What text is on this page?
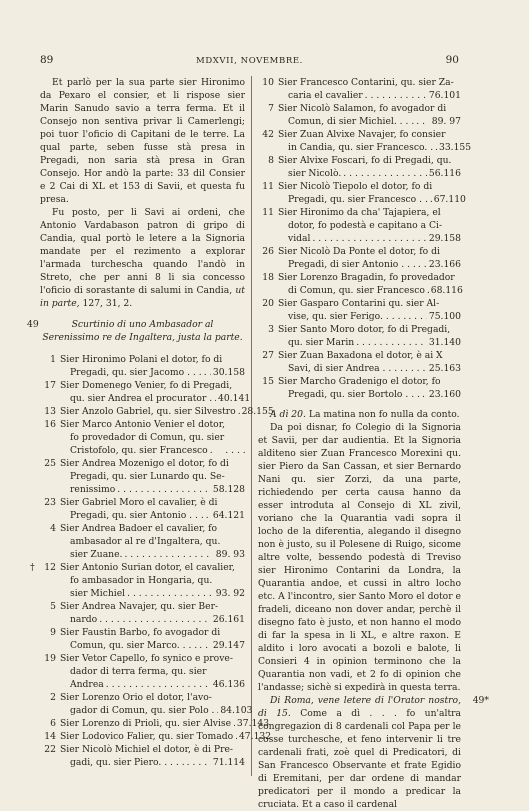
89	MDXVII, NOVEMBRE.	90

Et parlò per la sua parte sier Hironimo da Pexaro el consier, et li rispose sier Marin Sanudo savio a terra ferma. Et il Consejo non sentiva privar li Camerlengi; poi tuor l'oficio di Capitani de le terre. La qual parte, seben fusse stà presa in Pregadi, non saria stà presa in Gran Consejo. Hor andò la parte: 33 dil Consier e 2 Cai di XL et 153 di Savii, et questa fu presa.

Fu posto, per li Savi ai ordeni, che Antonio Vardabason patron di gripo di Candia, qual portò le letere a la Signoria mandate per el rezimento a explorar l'armada turchescha quando l'andò in Streto, che per anni 8 li sia concesso l'oficio di sorastante di salumi in Candia, ut in parte, 127, 31, 2.

49	Scurtinio di uno Ambasador al Serenissimo re de Ingaltera, justa la parte.
1 Sier Hironimo Polani el dotor, fo di
Pregadi, qu. sier Jacomo . . . . . . 30.158
17 Sier Domenego Venier, fo di Pregadi,
qu. sier Andrea el procurator . . . . 40.141
13 Sier Anzolo Gabriel, qu. sier Silvestro . . . 28.155
16 Sier Marco Antonio Venier el dotor,
fo provedador di Comun, qu. sier
Cristofolo, qu. sier Francesco . . .	. . . .
25 Sier Andrea Mozenigo el dotor, fo di
Pregadi, qu. sier Lunardo qu. Se-
renissimo . . .	58.128
23 Sier Gabriel Moro el cavalier, è di
Pregadi, qu. sier Antonio . . . . . . 64.121
4 Sier Andrea Badoer el cavalier, fo
ambasador al re d'Ingaltera, qu.
sier Zuane. . . .	89. 93
†	12 Sier Antonio Surian dotor, el cavalier,
fo ambasador in Hongaria, qu.
sier Michiel . . .	93. 92
5 Sier Andrea Navajer, qu. sier Ber-
nardo . . .	26.161
9 Sier Faustin Barbo, fo avogador di
Comun, qu. sier Marco. . . . . . . 29.147
19 Sier Vetor Capello, fo synico e prove-
dador di terra ferma, qu. sier
Andrea . . .	46.136
2 Sier Lorenzo Orio el dotor, l'avo-
gador di Comun, qu. sier Polo . . . . 84.103
6 Sier Lorenzo di Prioli, qu. sier Alvise . . . 37.143
14 Sier Lodovico Falier, qu. sier Tomado . . . 47.132
22 Sier Nicolò Michiel el dotor, è di Pre-
gadi, qu. sier Piero. . . . . . . .	71.114
10 Sier Francesco Contarini, qu. sier Za-
caria el cavalier . . .	76.101
7 Sier Nicolò Salamon, fo avogador di
Comun, di sier Michiel. . . . . . .	89. 97
42 Sier Zuan Alvixe Navajer, fo consier
in Candia, qu. sier Francesco. . . . . 33.155
8 Sier Alvixe Foscari, fo di Pregadi, qu.
sier Nicolò. . . .	56.116
11 Sier Nicolò Tiepolo el dotor, fo di
Pregadi, qu. sier Francesco . . . . . 67.110
11 Sier Hironimo da cha' Tajapiera, el
dotor, fo podestà e capitano a Ci-
vidal . . .	29.158
26 Sier Nicolò Da Ponte el dotor, fo di
Pregadi, di sier Antonio . . . . . . 23.166
18 Sier Lorenzo Bragadin, fo provedador
di Comun, qu. sier Francesco . . . 68.116
20 Sier Gasparo Contarini qu. sier Al-
vise, qu. sier Ferigo. . . . . . . . 75.100
3 Sier Santo Moro dotor, fo di Pregadi,
qu. sier Marin . . .	31.140
27 Sier Zuan Baxadona el dotor, è ai X
Savi, di sier Andrea . . . . . . .	25.163
15 Sier Marcho Gradenigo el dotor, fo
Pregadi, qu. sier Bortolo . . . . . . 23.160

A dì 20. La matina non fo nulla da conto.

Da poi disnar, fo Colegio di la Signoria et Savii, per dar audientia. Et la Signoria alditeno sier Zuan Francesco Morexini qu. sier Piero da San Cassan, et sier Bernardo Nani qu. sier Zorzi, da una parte, richiedendo per certa causa hanno da esser introduta al Consejo di XL zivil, voriano che la Quarantia vadi sopra il locho de la diferentia, alegando il disegno non è justo, su il Polesene di Ruigo, sicome altre volte, bessendo podestà di Treviso sier Hironimo Contarini da Londra, la Quarantia andoe, et cussi in altro locho etc. A l'incontro, sier Santo Moro el dotor e fradeli, diceano non dover andar, perchè il disegno fato è justo, et non hanno el modo di far la spesa in li XL, e altre raxon. E aldito i loro avocati a bozoli e balote, li Consieri 4 in opinion terminono che la Quarantia non vadi, et 2 fo di opinion che l'andasse; sichè si expedirà in questa terra.

49*
Di Roma, vene letere di l'Orator nostro, di 15. Come a dì . . . fo un'altra congregazion di 8 cardenali col Papa per le cosse turchesche, et feno intervenir li tre cardenali frati, zoè quel di Predicatori, di San Francesco Observante et frate Egidio di Eremitani, per dar ordene di mandar predicatori per il mondo a predicar la cruciata. Et a caso il cardenal
